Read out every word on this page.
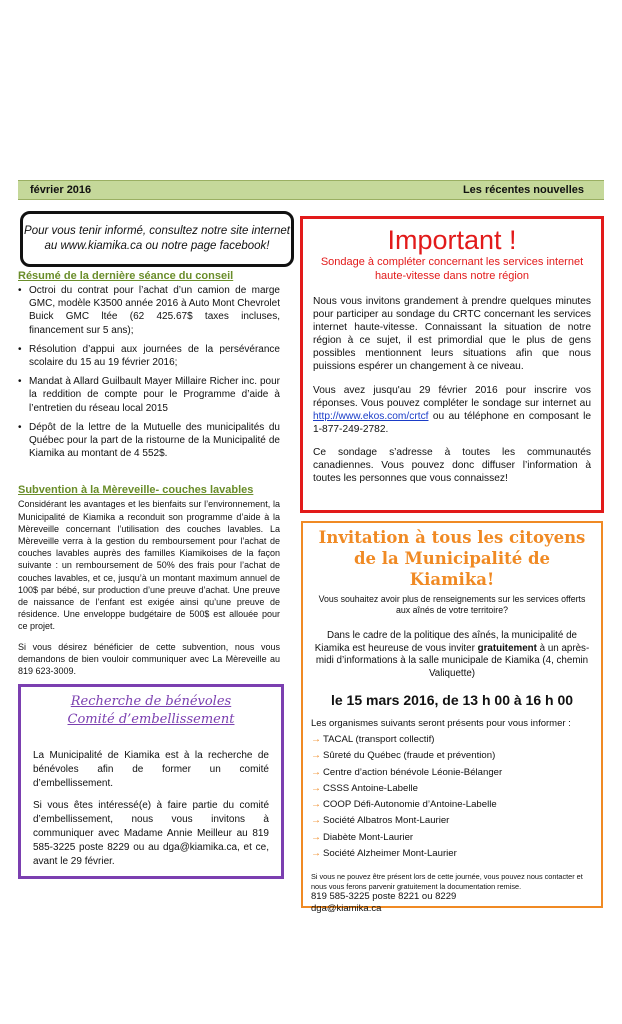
février 2016	Les récentes nouvelles
Pour vous tenir informé, consultez notre site internet
au www.kiamika.ca ou notre page facebook!
Résumé de la dernière séance du conseil
• Octroi du contrat pour l’achat d’un camion de marge GMC, modèle K3500 année 2016 à Auto Mont Chevrolet Buick GMC ltée (62 425.67$ taxes incluses, financement sur 5 ans);
• Résolution d’appui aux journées de la persévérance scolaire du 15 au 19 février 2016;
• Mandat à Allard Guilbault Mayer Millaire Richer inc. pour la reddition de compte pour le Programme d’aide à l’entretien du réseau local 2015
• Dépôt de la lettre de la Mutuelle des municipalités du Québec pour la part de la ristourne de la Municipalité de Kiamika au montant de 4 552$.
Subvention à la Mèreveille- couches lavables

Considérant les avantages et les bienfaits sur l’environnement, la Municipalité de Kiamika a reconduit son programme d’aide à la Mèreveille concernant l’utilisation des couches lavables. La Mèreveille verra à la gestion du remboursement pour l’achat de couches lavables auprès des familles Kiamikoises de la façon suivante : un remboursement de 50% des frais pour l’achat de couches lavables, et ce, jusqu’à un montant maximum annuel de 100$ par bébé, sur production d’une preuve d’achat. Une preuve de naissance de l’enfant est exigée ainsi qu’une preuve de résidence. Une enveloppe budgétaire de 500$ est allouée pour ce projet.

Si vous désirez bénéficier de cette subvention, nous vous demandons de bien vouloir communiquer avec La Mèreveille au 819 623-3009.

Recherche de bénévoles
Comité d’embellissement

La Municipalité de Kiamika est à la recherche de bénévoles afin de former un comité d’embellissement.

Si vous êtes intéressé(e) à faire partie du comité d’embellissement, nous vous invitons à communiquer avec Madame Annie Meilleur au 819 585-3225 poste 8229 ou au dga@kiamika.ca, et ce, avant le 29 février.

Important !
Sondage à compléter concernant les services internet haute-vitesse dans notre région

Nous vous invitons grandement à prendre quelques minutes pour participer au sondage du CRTC concernant les services internet haute-vitesse. Connaissant la situation de notre région à ce sujet, il est primordial que le plus de gens possibles mentionnent leurs situations afin que nous puissions espérer un changement à ce niveau.

Vous avez jusqu'au 29 février 2016 pour inscrire vos réponses. Vous pouvez compléter le sondage sur internet au http://www.ekos.com/crtcf ou au téléphone en composant le 1-877-249-2782.

Ce sondage s’adresse à toutes les communautés canadiennes. Vous pouvez donc diffuser l’information à toutes les personnes que vous connaissez!

Invitation à tous les citoyens
de la Municipalité de Kiamika!
Vous souhaitez avoir plus de renseignements sur les services offerts aux aînés de votre territoire?
Dans le cadre de la politique des aînés, la municipalité de Kiamika est heureuse de vous inviter gratuitement à un après-midi d’informations à la salle municipale de Kiamika (4, chemin Valiquette)
le 15 mars 2016, de 13 h 00 à 16 h 00
Les organismes suivants seront présents pour vous informer :
→ TACAL (transport collectif)
→ Sûreté du Québec (fraude et prévention)
→ Centre d’action bénévole Léonie-Bélanger
→ CSSS Antoine-Labelle
→ COOP Défi-Autonomie d’Antoine-Labelle
→ Société Albatros Mont-Laurier
→ Diabète Mont-Laurier
→ Société Alzheimer Mont-Laurier
Si vous ne pouvez être présent lors de cette journée, vous pouvez nous contacter et nous vous ferons parvenir gratuitement la documentation remise.
819 585-3225 poste 8221 ou 8229
dga@kiamika.ca
